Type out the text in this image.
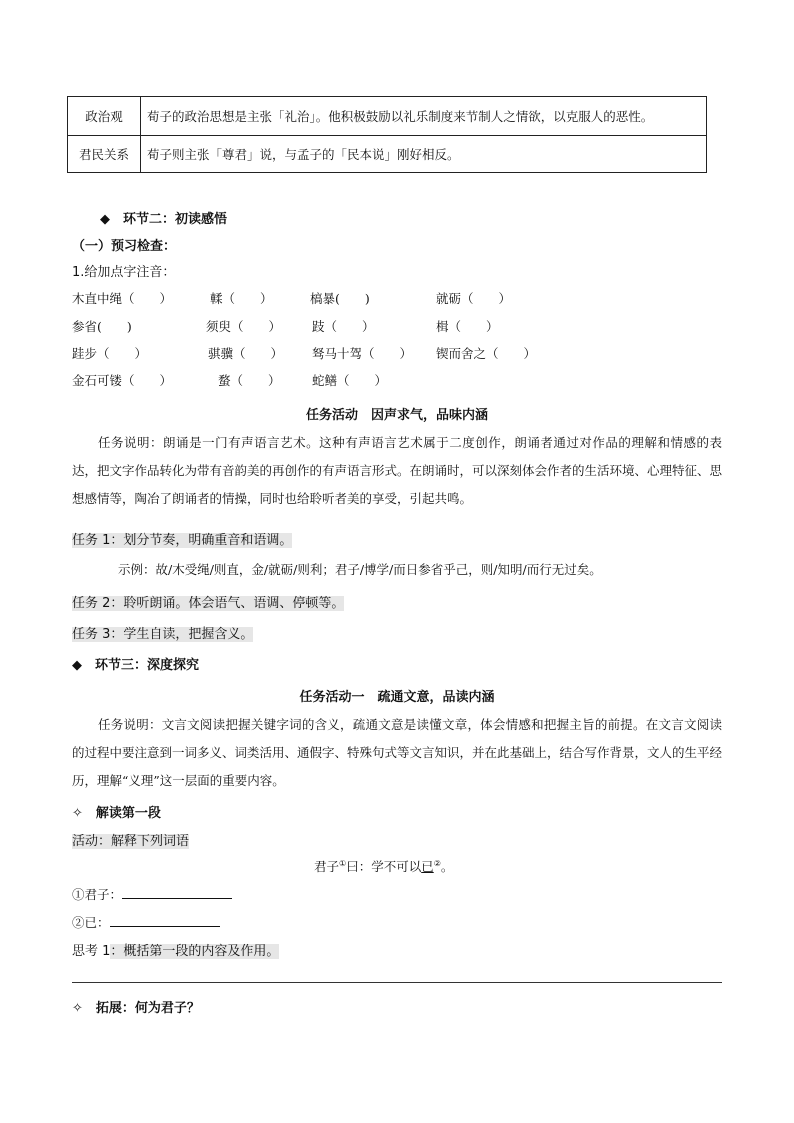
政治观	荀子的政治思想是主张「礼治」。他积极鼓励以礼乐制度来节制人之情欲，以克服人的恶性。
君民关系	荀子则主张「尊君」说，与孟子的「民本说」刚好相反。
◆　环节二：初读感悟
（一）预习检查：
1.给加点字注音：
木直中绳（　　）	輮（　　）	槁暴(　　)	就砺（　　）
参省(　　)	须臾（　　） 跂（　　）	楫（　　）
跬步（　　）	骐骥（　　） 驽马十驾（　　） 锲而舍之（　　）
金石可镂（　　）	蝥（　　）	蛇鳝（　　）
任务活动　因声求气，品味内涵
任务说明：朗诵是一门有声语言艺术。这种有声语言艺术属于二度创作，朗诵者通过对作品的理解和情感的表达，把文字作品转化为带有音韵美的再创作的有声语言形式。在朗诵时，可以深刻体会作者的生活环境、心理特征、思想感情等，陶冶了朗诵者的情操，同时也给聆听者美的享受，引起共鸣。
任务 1：划分节奏，明确重音和语调。
示例：故/木受绳/则直，金/就砺/则利；君子/博学/而日参省乎己，则/知明/而行无过矣。
任务 2：聆听朗诵。体会语气、语调、停顿等。
任务 3：学生自读，把握含义。
◆　环节三：深度探究
任务活动一　疏通文意，品读内涵
任务说明：文言文阅读把握关键字词的含义，疏通文意是读懂文章，体会情感和把握主旨的前提。在文言文阅读的过程中要注意到一词多义、词类活用、通假字、特殊句式等文言知识，并在此基础上，结合写作背景，文人的生平经历，理解“义理”这一层面的重要内容。
✧　解读第一段
活动：解释下列词语
君子①曰：学不可以已②。
①君子：
②已：
思考 1：概括第一段的内容及作用。
✧　拓展：何为君子？
